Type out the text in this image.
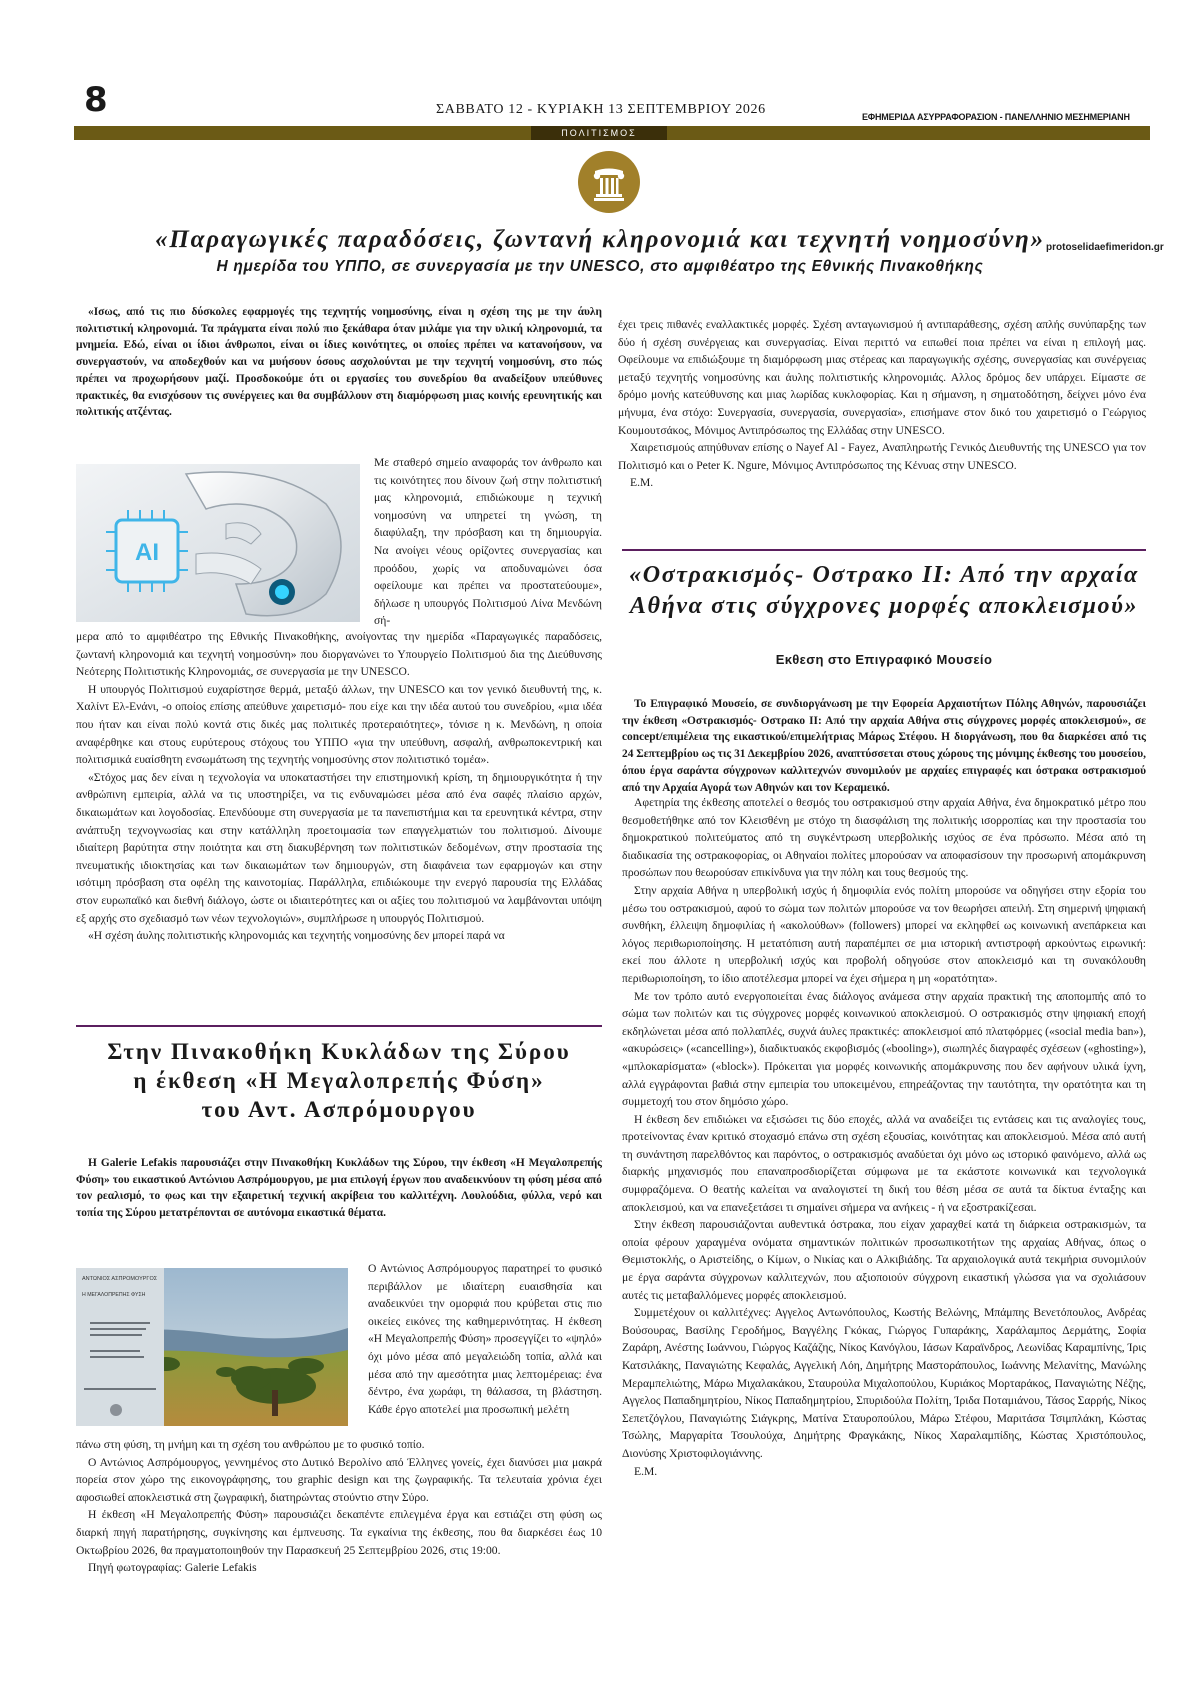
8	ΣΑΒΒΑΤΟ 12 - ΚΥΡΙΑΚΗ 13 ΣΕΠΤΕΜΒΡΙΟΥ 2026	ΕΦΗΜΕΡΙΔΑ ΑΣΥΡΡΑΦΟΡΑΣΙΟΝ - ΠΑΝΕΛΛΗΝΙΟ ΜΕΣΗΜΕΡΙΑΝΗ
ΠΟΛΙΤΙΣΜΟΣ
«Παραγωγικές παραδόσεις, ζωντανή κληρονομιά και τεχνητή νοημοσύνη» protoselidaefimeridon.gr
Η ημερίδα του ΥΠΠΟ, σε συνεργασία με την UNESCO, στο αμφιθέατρο της Εθνικής Πινακοθήκης

«Ισως, από τις πιο δύσκολες εφαρμογές της τεχνητής νοημοσύνης, είναι η σχέση της με την άυλη πολιτιστική κληρονομιά. Τα πράγματα είναι πολύ πιο ξεκάθαρα όταν μιλάμε για την υλική κληρονομιά, τα μνημεία. Εδώ, είναι οι ίδιοι άνθρωποι, είναι οι ίδιες κοινότητες, οι οποίες πρέπει να κατανοήσουν, να συνεργαστούν, να αποδεχθούν και να μυήσουν όσους ασχολούνται με την τεχνητή νοημοσύνη, στο πώς πρέπει να προχωρήσουν μαζί. Προσδοκούμε ότι οι εργασίες του συνεδρίου θα αναδείξουν υπεύθυνες πρακτικές, θα ενισχύσουν τις συνέργειες και θα συμβάλλουν στη διαμόρφωση μιας κοινής ερευνητικής και πολιτικής ατζέντας.

AI

Με σταθερό σημείο αναφοράς τον άνθρωπο και τις κοινότητες που δίνουν ζωή στην πολιτιστική μας κληρονομιά, επιδιώκουμε η τεχνική νοημοσύνη να υπηρετεί τη γνώση, τη διαφύλαξη, την πρόσβαση και τη δημιουργία. Να ανοίγει νέους ορίζοντες συνεργασίας και προόδου, χωρίς να αποδυναμώνει όσα οφείλουμε και πρέπει να προστατεύουμε», δήλωσε η υπουργός Πολιτισμού Λίνα Μενδώνη σή-

μερα από το αμφιθέατρο της Εθνικής Πινακοθήκης, ανοίγοντας την ημερίδα «Παραγωγικές παραδόσεις, ζωντανή κληρονομιά και τεχνητή νοημοσύνη» που διοργανώνει το Υπουργείο Πολιτισμού δια της Διεύθυνσης Νεότερης Πολιτιστικής Κληρονομιάς, σε συνεργασία με την UNESCO.

Η υπουργός Πολιτισμού ευχαρίστησε θερμά, μεταξύ άλλων, την UNESCO και τον γενικό διευθυντή της, κ. Χαλίντ Ελ-Ενάνι, -ο οποίος επίσης απεύθυνε χαιρετισμό- που είχε και την ιδέα αυτού του συνεδρίου, «μια ιδέα που ήταν και είναι πολύ κοντά στις δικές μας πολιτικές προτεραιότητες», τόνισε η κ. Μενδώνη, η οποία αναφέρθηκε και στους ευρύτερους στόχους του ΥΠΠΟ «για την υπεύθυνη, ασφαλή, ανθρωποκεντρική και πολιτισμικά ευαίσθητη ενσωμάτωση της τεχνητής νοημοσύνης στον πολιτιστικό τομέα».

«Στόχος μας δεν είναι η τεχνολογία να υποκαταστήσει την επιστημονική κρίση, τη δημιουργικότητα ή την ανθρώπινη εμπειρία, αλλά να τις υποστηρίξει, να τις ενδυναμώσει μέσα από ένα σαφές πλαίσιο αρχών, δικαιωμάτων και λογοδοσίας. Επενδύουμε στη συνεργασία με τα πανεπιστήμια και τα ερευνητικά κέντρα, στην ανάπτυξη τεχνογνωσίας και στην κατάλληλη προετοιμασία των επαγγελματιών του πολιτισμού. Δίνουμε ιδιαίτερη βαρύτητα στην ποιότητα και στη διακυβέρνηση των πολιτιστικών δεδομένων, στην προστασία της πνευματικής ιδιοκτησίας και των δικαιωμάτων των δημιουργών, στη διαφάνεια των εφαρμογών και στην ισότιμη πρόσβαση στα οφέλη της καινοτομίας. Παράλληλα, επιδιώκουμε την ενεργό παρουσία της Ελλάδας στον ευρωπαϊκό και διεθνή διάλογο, ώστε οι ιδιαιτερότητες και οι αξίες του πολιτισμού να λαμβάνονται υπόψη εξ αρχής στο σχεδιασμό των νέων τεχνολογιών», συμπλήρωσε η υπουργός Πολιτισμού.

«Η σχέση άυλης πολιτιστικής κληρονομιάς και τεχνητής νοημοσύνης δεν μπορεί παρά να

έχει τρεις πιθανές εναλλακτικές μορφές. Σχέση ανταγωνισμού ή αντιπαράθεσης, σχέση απλής συνύπαρξης των δύο ή σχέση συνέργειας και συνεργασίας. Είναι περιττό να ειπωθεί ποια πρέπει να είναι η επιλογή μας. Οφείλουμε να επιδιώξουμε τη διαμόρφωση μιας στέρεας και παραγωγικής σχέσης, συνεργασίας και συνέργειας μεταξύ τεχνητής νοημοσύνης και άυλης πολιτιστικής κληρονομιάς. Αλλος δρόμος δεν υπάρχει. Είμαστε σε δρόμο μονής κατεύθυνσης και μιας λωρίδας κυκλοφορίας. Και η σήμανση, η σηματοδότηση, δείχνει μόνο ένα μήνυμα, ένα στόχο: Συνεργασία, συνεργασία, συνεργασία», επισήμανε στον δικό του χαιρετισμό ο Γεώργιος Κουμουτσάκος, Μόνιμος Αντιπρόσωπος της Ελλάδας στην UNESCO.

Χαιρετισμούς απηύθυναν επίσης ο Nayef Al - Fayez, Αναπληρωτής Γενικός Διευθυντής της UNESCO για τον Πολιτισμό και ο Peter K. Ngure, Μόνιμος Αντιπρόσωπος της Κένυας στην UNESCO.

Ε.Μ.

«Οστρακισμός- Οστρακο ΙΙ: Από την αρχαία Αθήνα στις σύγχρονες μορφές αποκλεισμού»
Εκθεση στο Επιγραφικό Μουσείο

Το Επιγραφικό Μουσείο, σε συνδιοργάνωση με την Εφορεία Αρχαιοτήτων Πόλης Αθηνών, παρουσιάζει την έκθεση «Οστρακισμός- Οστρακο ΙΙ: Από την αρχαία Αθήνα στις σύγχρονες μορφές αποκλεισμού», σε concept/επιμέλεια της εικαστικού/επιμελήτριας Μάρως Στέφου. Η διοργάνωση, που θα διαρκέσει από τις 24 Σεπτεμβρίου ως τις 31 Δεκεμβρίου 2026, αναπτύσσεται στους χώρους της μόνιμης έκθεσης του μουσείου, όπου έργα σαράντα σύγχρονων καλλιτεχνών συνομιλούν με αρχαίες επιγραφές και όστρακα οστρακισμού από την Αρχαία Αγορά των Αθηνών και τον Κεραμεικό.

Αφετηρία της έκθεσης αποτελεί ο θεσμός του οστρακισμού στην αρχαία Αθήνα, ένα δημοκρατικό μέτρο που θεσμοθετήθηκε από τον Κλεισθένη με στόχο τη διασφάλιση της πολιτικής ισορροπίας και την προστασία του δημοκρατικού πολιτεύματος από τη συγκέντρωση υπερβολικής ισχύος σε ένα πρόσωπο. Μέσα από τη διαδικασία της οστρακοφορίας, οι Αθηναίοι πολίτες μπορούσαν να αποφασίσουν την προσωρινή απομάκρυνση προσώπων που θεωρούσαν επικίνδυνα για την πόλη και τους θεσμούς της.

Στην αρχαία Αθήνα η υπερβολική ισχύς ή δημοφιλία ενός πολίτη μπορούσε να οδηγήσει στην εξορία του μέσω του οστρακισμού, αφού το σώμα των πολιτών μπορούσε να τον θεωρήσει απειλή. Στη σημερινή ψηφιακή συνθήκη, έλλειψη δημοφιλίας ή «ακολούθων» (followers) μπορεί να εκληφθεί ως κοινωνική ανεπάρκεια και λόγος περιθωριοποίησης. Η μετατόπιση αυτή παραπέμπει σε μια ιστορική αντιστροφή αρκούντως ειρωνική: εκεί που άλλοτε η υπερβολική ισχύς και προβολή οδηγούσε στον αποκλεισμό και τη συνακόλουθη περιθωριοποίηση, το ίδιο αποτέλεσμα μπορεί να έχει σήμερα η μη «ορατότητα».

Με τον τρόπο αυτό ενεργοποιείται ένας διάλογος ανάμεσα στην αρχαία πρακτική της αποπομπής από το σώμα των πολιτών και τις σύγχρονες μορφές κοινωνικού αποκλεισμού. Ο οστρακισμός στην ψηφιακή εποχή εκδηλώνεται μέσα από πολλαπλές, συχνά άυλες πρακτικές: αποκλεισμοί από πλατφόρμες («social media ban»), «ακυρώσεις» («cancelling»), διαδικτυακός εκφοβισμός («booling»), σιωπηλές διαγραφές σχέσεων («ghosting»), «μπλοκαρίσματα» («block»). Πρόκειται για μορφές κοινωνικής απομάκρυνσης που δεν αφήνουν υλικά ίχνη, αλλά εγγράφονται βαθιά στην εμπειρία του υποκειμένου, επηρεάζοντας την ταυτότητα, την ορατότητα και τη συμμετοχή του στον δημόσιο χώρο.

Η έκθεση δεν επιδιώκει να εξισώσει τις δύο εποχές, αλλά να αναδείξει τις εντάσεις και τις αναλογίες τους, προτείνοντας έναν κριτικό στοχασμό επάνω στη σχέση εξουσίας, κοινότητας και αποκλεισμού. Μέσα από αυτή τη συνάντηση παρελθόντος και παρόντος, ο οστρακισμός αναδύεται όχι μόνο ως ιστορικό φαινόμενο, αλλά ως διαρκής μηχανισμός που επαναπροσδιορίζεται σύμφωνα με τα εκάστοτε κοινωνικά και τεχνολογικά συμφραζόμενα. Ο θεατής καλείται να αναλογιστεί τη δική του θέση μέσα σε αυτά τα δίκτυα ένταξης και αποκλεισμού, και να επανεξετάσει τι σημαίνει σήμερα να ανήκεις - ή να εξοστρακίζεσαι.

Στην έκθεση παρουσιάζονται αυθεντικά όστρακα, που είχαν χαραχθεί κατά τη διάρκεια οστρακισμών, τα οποία φέρουν χαραγμένα ονόματα σημαντικών πολιτικών προσωπικοτήτων της αρχαίας Αθήνας, όπως ο Θεμιστοκλής, ο Αριστείδης, ο Κίμων, ο Νικίας και ο Αλκιβιάδης. Τα αρχαιολογικά αυτά τεκμήρια συνομιλούν με έργα σαράντα σύγχρονων καλλιτεχνών, που αξιοποιούν σύγχρονη εικαστική γλώσσα για να σχολιάσουν αυτές τις μεταβαλλόμενες μορφές αποκλεισμού.

Συμμετέχουν οι καλλιτέχνες: Αγγελος Αντωνόπουλος, Κωστής Βελώνης, Μπάμπης Βενετόπουλος, Ανδρέας Βούσουρας, Βασίλης Γεροδήμος, Βαγγέλης Γκόκας, Γιώργος Γυπαράκης, Χαράλαμπος Δερμάτης, Σοφία Ζαράρη, Ανέστης Ιωάννου, Γιώργος Καζάζης, Νίκος Κανόγλου, Ιάσων Καραϊνδρος, Λεωνίδας Καραμπίνης, Ίρις Κατσιλάκης, Παναγιώτης Κεφαλάς, Αγγελική Λόη, Δημήτρης Μαστοράπουλος, Ιωάννης Μελανίτης, Μανώλης Μεραμπελιώτης, Μάρω Μιχαλακάκου, Σταυρούλα Μιχαλοπούλου, Κυριάκος Μορταράκος, Παναγιώτης Νέζης, Αγγελος Παπαδημητρίου, Νίκος Παπαδημητρίου, Σπυριδούλα Πολίτη, Ίριδα Ποταμιάνου, Τάσος Σαρρής, Νίκος Σεπετζόγλου, Παναγιώτης Σιάγκρης, Ματίνα Σταυροπούλου, Μάρω Στέφου, Μαριτάσα Τσιμπλάκη, Κώστας Τσώλης, Μαργαρίτα Τσουλούχα, Δημήτρης Φραγκάκης, Νίκος Χαραλαμπίδης, Κώστας Χριστόπουλος, Διονύσης Χριστοφιλογιάννης.

Ε.Μ.

Στην Πινακοθήκη Κυκλάδων της Σύρου
η έκθεση «Η Μεγαλοπρεπής Φύση»
του Αντ. Ασπρόμουργου

Η Galerie Lefakis παρουσιάζει στην Πινακοθήκη Κυκλάδων της Σύρου, την έκθεση «Η Μεγαλοπρεπής Φύση» του εικαστικού Αντώνιου Ασπρόμουργου, με μια επιλογή έργων που αναδεικνύουν τη φύση μέσα από τον ρεαλισμό, το φως και την εξαιρετική τεχνική ακρίβεια του καλλιτέχνη. Λουλούδια, φύλλα, νερό και τοπία της Σύρου μετατρέπονται σε αυτόνομα εικαστικά θέματα.

ΑΝΤΩΝΙΟΣ ΑΣΠΡΟΜΟΥΡΓΟΣ
Η ΜΕΓΑΛΟΠΡΕΠΗΣ ΦΥΣΗ

Ο Αντώνιος Ασπρόμουργος παρατηρεί το φυσικό περιβάλλον με ιδιαίτερη ευαισθησία και αναδεικνύει την ομορφιά που κρύβεται στις πιο οικείες εικόνες της καθημερινότητας. Η έκθεση «Η Μεγαλοπρεπής Φύση» προσεγγίζει το «ψηλό» όχι μόνο μέσα από μεγαλειώδη τοπία, αλλά και μέσα από την αμεσότητα μιας λεπτομέρειας: ένα δέντρο, ένα χωράφι, τη θάλασσα, τη βλάστηση. Κάθε έργο αποτελεί μια προσωπική μελέτη

πάνω στη φύση, τη μνήμη και τη σχέση του ανθρώπου με το φυσικό τοπίο.

Ο Αντώνιος Ασπρόμουργος, γεννημένος στο Δυτικό Βερολίνο από Έλληνες γονείς, έχει διανύσει μια μακρά πορεία στον χώρο της εικονογράφησης, του graphic design και της ζωγραφικής. Τα τελευταία χρόνια έχει αφοσιωθεί αποκλειστικά στη ζωγραφική, διατηρώντας στούντιο στην Σύρο.

Η έκθεση «Η Μεγαλοπρεπής Φύση» παρουσιάζει δεκαπέντε επιλεγμένα έργα και εστιάζει στη φύση ως διαρκή πηγή παρατήρησης, συγκίνησης και έμπνευσης. Τα εγκαίνια της έκθεσης, που θα διαρκέσει έως 10 Οκτωβρίου 2026, θα πραγματοποιηθούν την Παρασκευή 25 Σεπτεμβρίου 2026, στις 19:00.

Πηγή φωτογραφίας: Galerie Lefakis
